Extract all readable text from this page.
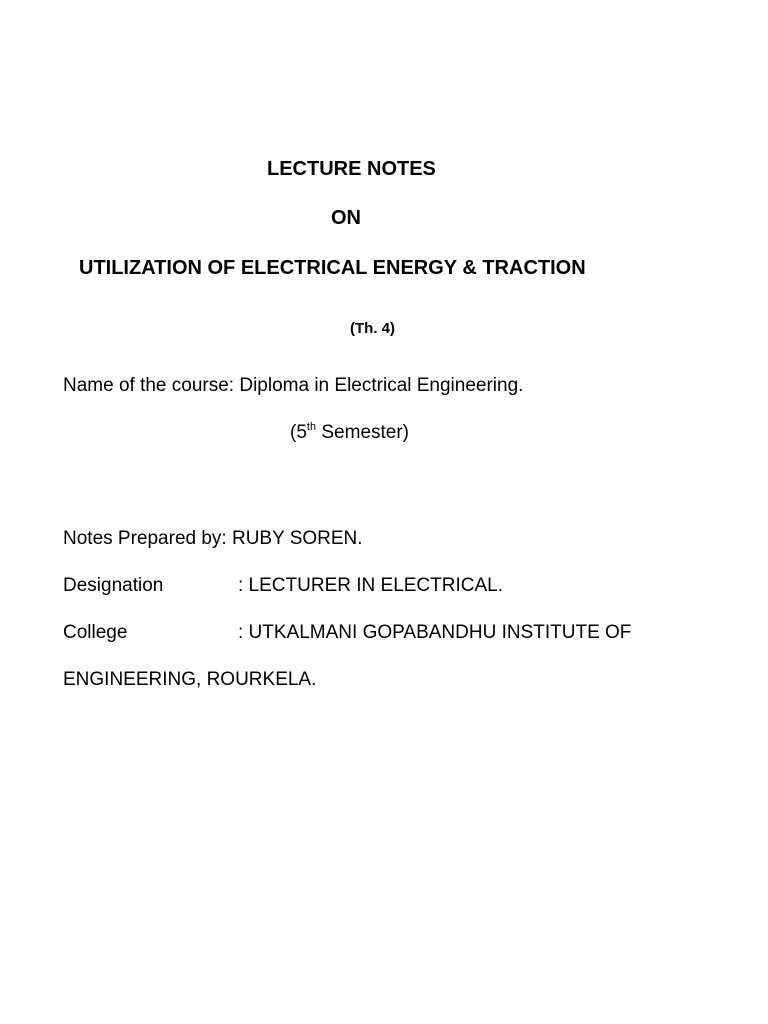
LECTURE NOTES
ON
UTILIZATION OF ELECTRICAL ENERGY & TRACTION
(Th. 4)
Name of the course: Diploma in Electrical Engineering.
(5th Semester)
Notes Prepared by: RUBY SOREN.
Designation	: LECTURER IN ELECTRICAL.
College	: UTKALMANI GOPABANDHU INSTITUTE OF
ENGINEERING, ROURKELA.
